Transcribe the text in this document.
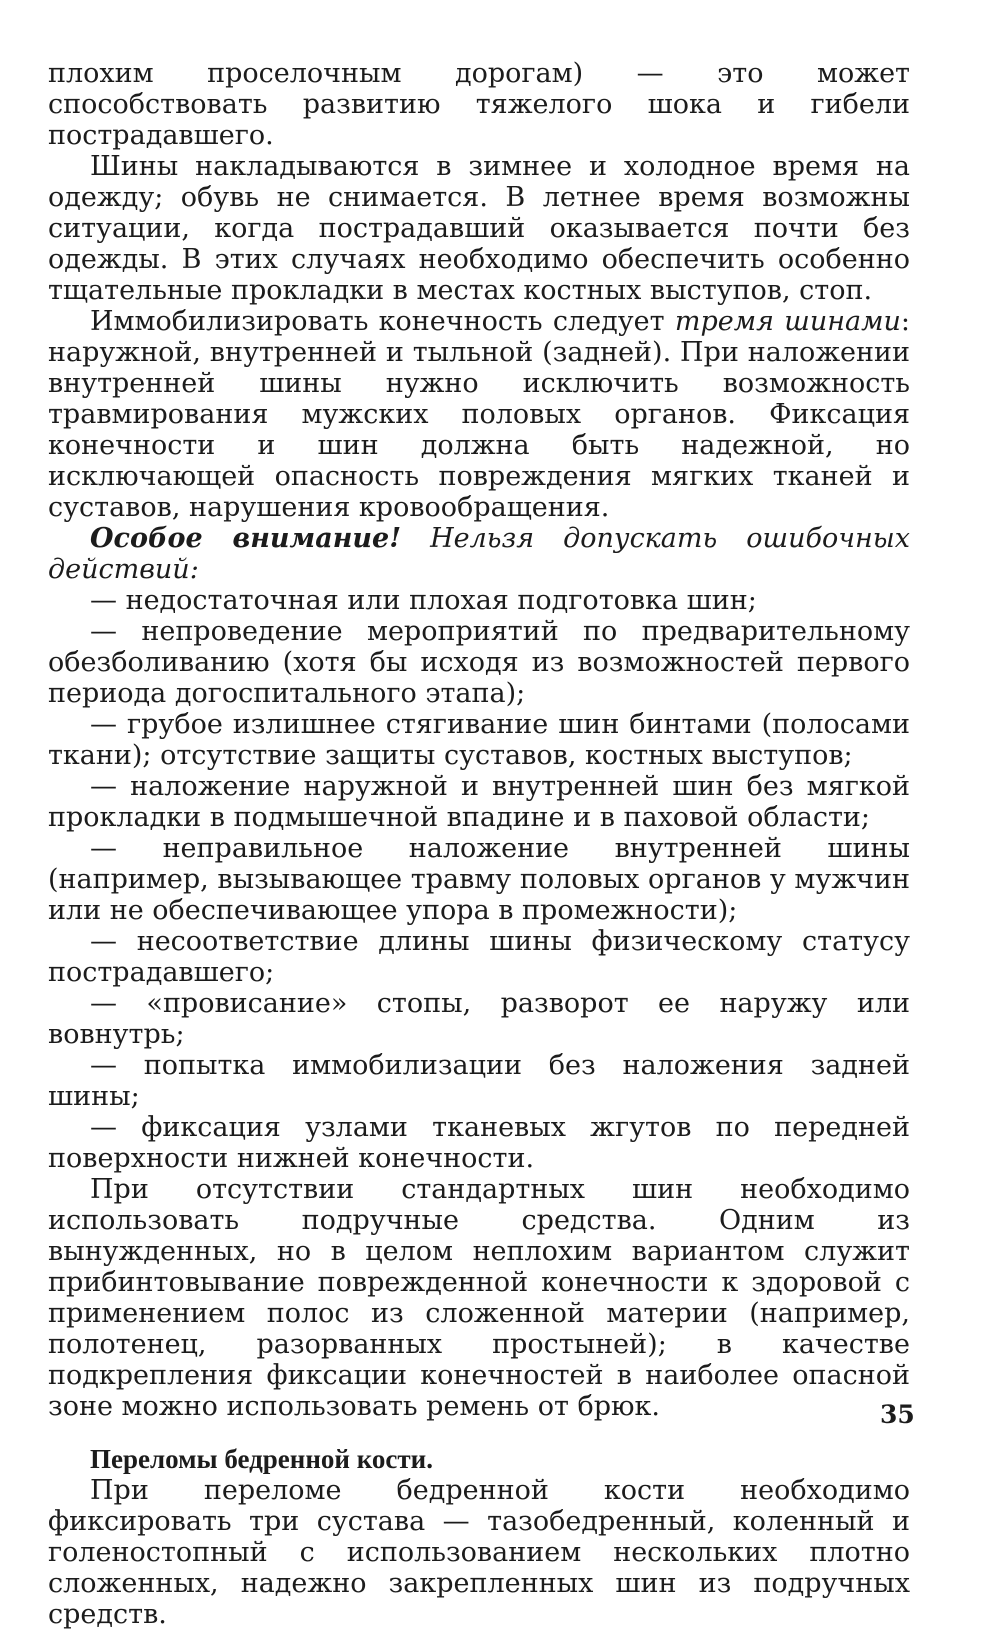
плохим проселочным дорогам) — это может способствовать развитию тяжелого шока и гибели пострадавшего.

Шины накладываются в зимнее и холодное время на одежду; обувь не снимается. В летнее время возможны ситуации, когда пострадавший оказывается почти без одежды. В этих случаях необходимо обеспечить особенно тщательные прокладки в местах костных выступов, стоп.

Иммобилизировать конечность следует тремя шинами: наружной, внутренней и тыльной (задней). При наложении внутренней шины нужно исключить возможность травмирования мужских половых органов. Фиксация конечности и шин должна быть надежной, но исключающей опасность повреждения мягких тканей и суставов, нарушения кровообращения.

Особое внимание! Нельзя допускать ошибочных действий:

— недостаточная или плохая подготовка шин;

— непроведение мероприятий по предварительному обезболиванию (хотя бы исходя из возможностей первого периода догоспитального этапа);

— грубое излишнее стягивание шин бинтами (полосами ткани); отсутствие защиты суставов, костных выступов;

— наложение наружной и внутренней шин без мягкой прокладки в подмышечной впадине и в паховой области;

— неправильное наложение внутренней шины (например, вызывающее травму половых органов у мужчин или не обеспечивающее упора в промежности);

— несоответствие длины шины физическому статусу пострадавшего;

— «провисание» стопы, разворот ее наружу или вовнутрь;

— попытка иммобилизации без наложения задней шины;

— фиксация узлами тканевых жгутов по передней поверхности нижней конечности.

При отсутствии стандартных шин необходимо использовать подручные средства. Одним из вынужденных, но в целом неплохим вариантом служит прибинтовывание поврежденной конечности к здоровой с применением полос из сложенной материи (например, полотенец, разорванных простыней); в качестве подкрепления фиксации конечностей в наиболее опасной зоне можно использовать ремень от брюк.

Переломы бедренной кости.

При переломе бедренной кости необходимо фиксировать три сустава — тазобедренный, коленный и голеностопный с использованием нескольких плотно сложенных, надежно закрепленных шин из подручных средств.

35
